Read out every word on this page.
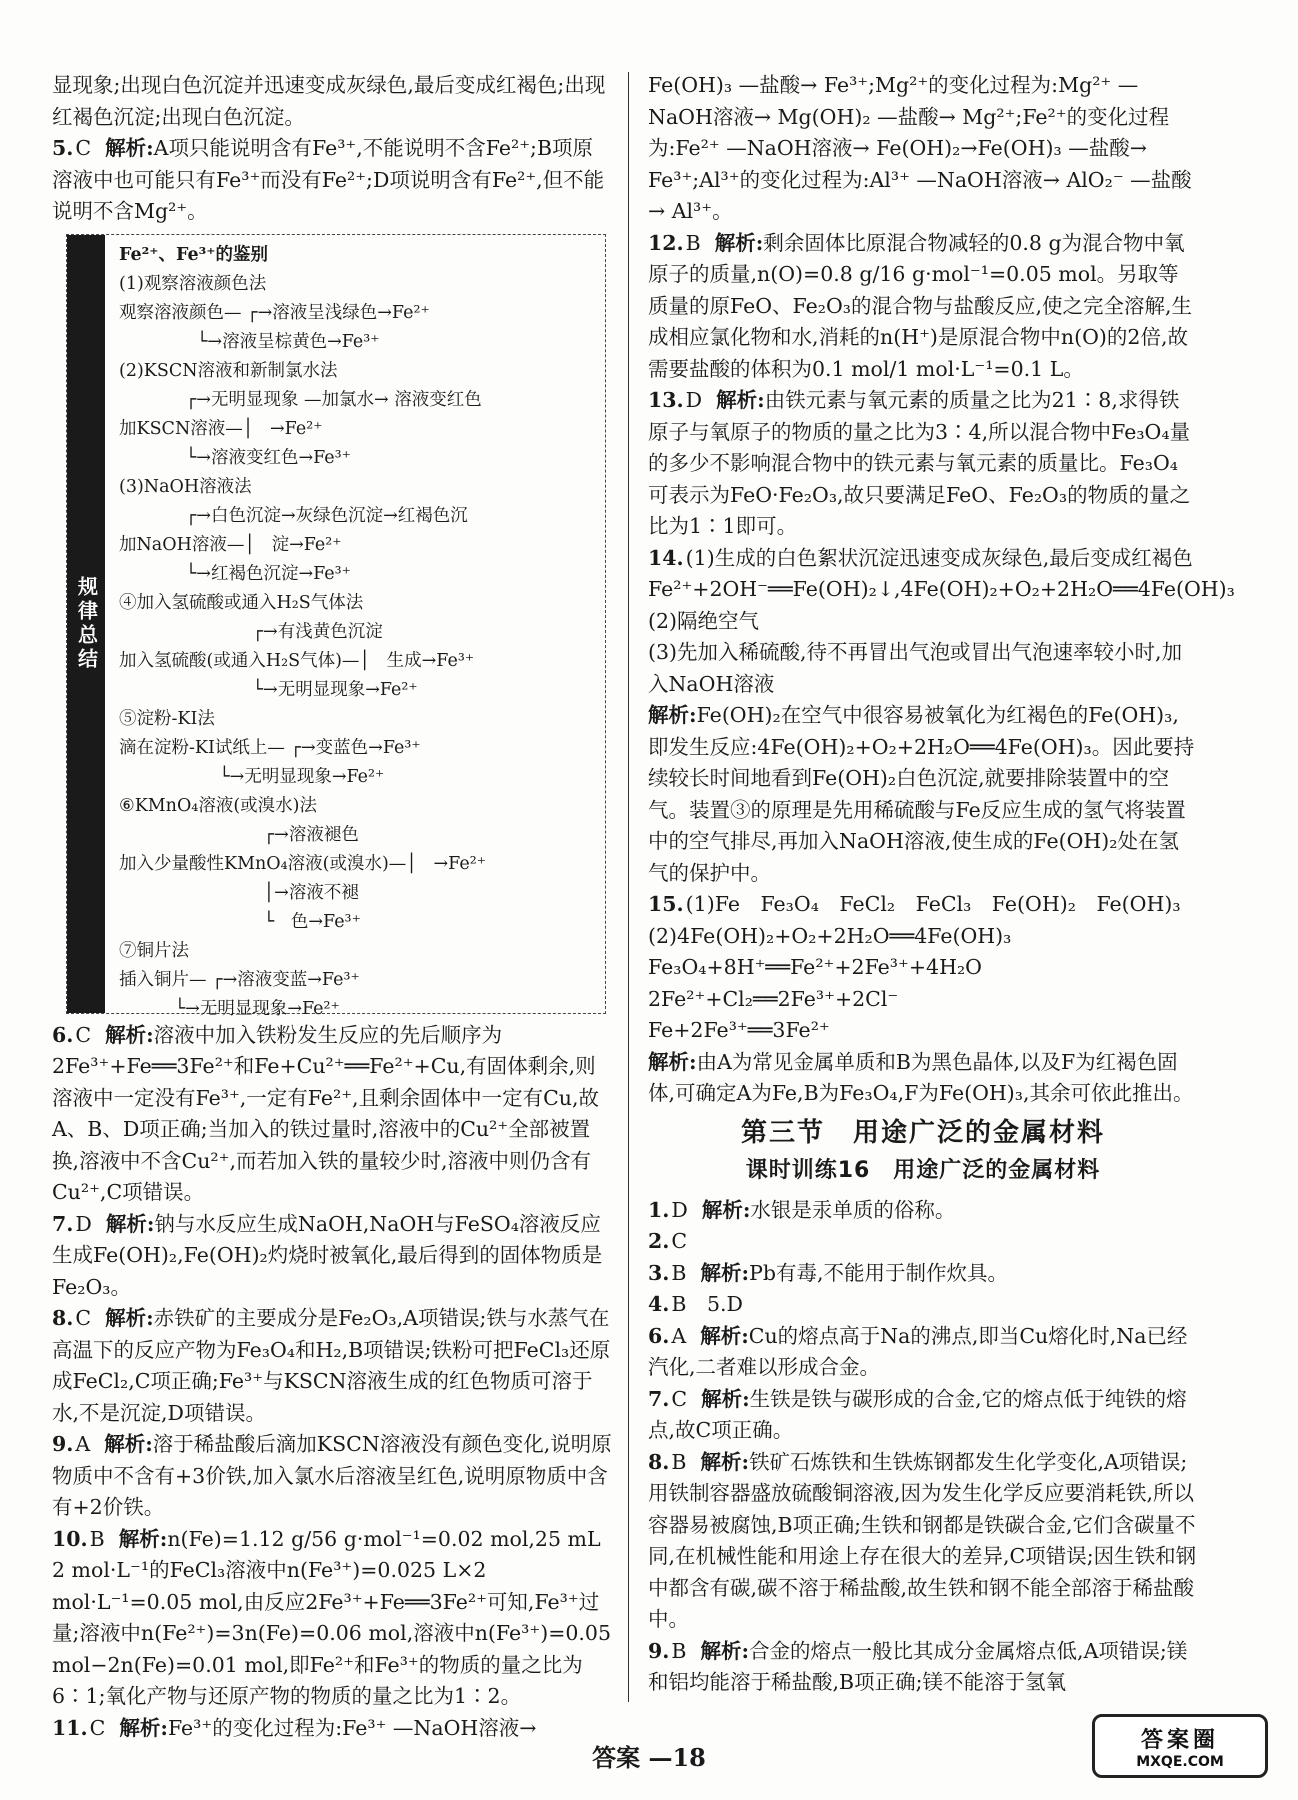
显现象;出现白色沉淀并迅速变成灰绿色,最后变成红褐色;出现红褐色沉淀;出现白色沉淀。

5.C 解析:A项只能说明含有Fe³⁺,不能说明不含Fe²⁺;B项原溶液中也可能只有Fe³⁺而没有Fe²⁺;D项说明含有Fe²⁺,但不能说明不含Mg²⁺。

规律总结
Fe²⁺、Fe³⁺的鉴别
(1)观察溶液颜色法
观察溶液颜色— ┌→溶液呈浅绿色→Fe²⁺
└→溶液呈棕黄色→Fe³⁺
(2)KSCN溶液和新制氯水法
┌→无明显现象 —加氯水→ 溶液变红色
加KSCN溶液—│   →Fe²⁺
└→溶液变红色→Fe³⁺
(3)NaOH溶液法
┌→白色沉淀→灰绿色沉淀→红褐色沉
加NaOH溶液—│   淀→Fe²⁺
└→红褐色沉淀→Fe³⁺
④加入氢硫酸或通入H₂S气体法
┌→有浅黄色沉淀
加入氢硫酸(或通入H₂S气体)—│   生成→Fe³⁺
└→无明显现象→Fe²⁺
⑤淀粉-KI法
滴在淀粉-KI试纸上— ┌→变蓝色→Fe³⁺
└→无明显现象→Fe²⁺
⑥KMnO₄溶液(或溴水)法
┌→溶液褪色
加入少量酸性KMnO₄溶液(或溴水)—│   →Fe²⁺
│→溶液不褪
└   色→Fe³⁺
⑦铜片法
插入铜片— ┌→溶液变蓝→Fe³⁺
└→无明显现象→Fe²⁺

6.C 解析:溶液中加入铁粉发生反应的先后顺序为2Fe³⁺+Fe══3Fe²⁺和Fe+Cu²⁺══Fe²⁺+Cu,有固体剩余,则溶液中一定没有Fe³⁺,一定有Fe²⁺,且剩余固体中一定有Cu,故A、B、D项正确;当加入的铁过量时,溶液中的Cu²⁺全部被置换,溶液中不含Cu²⁺,而若加入铁的量较少时,溶液中则仍含有Cu²⁺,C项错误。

7.D 解析:钠与水反应生成NaOH,NaOH与FeSO₄溶液反应生成Fe(OH)₂,Fe(OH)₂灼烧时被氧化,最后得到的固体物质是Fe₂O₃。

8.C 解析:赤铁矿的主要成分是Fe₂O₃,A项错误;铁与水蒸气在高温下的反应产物为Fe₃O₄和H₂,B项错误;铁粉可把FeCl₃还原成FeCl₂,C项正确;Fe³⁺与KSCN溶液生成的红色物质可溶于水,不是沉淀,D项错误。

9.A 解析:溶于稀盐酸后滴加KSCN溶液没有颜色变化,说明原物质中不含有+3价铁,加入氯水后溶液呈红色,说明原物质中含有+2价铁。

10.B 解析:n(Fe)=1.12 g/56 g·mol⁻¹=0.02 mol,25 mL 2 mol·L⁻¹的FeCl₃溶液中n(Fe³⁺)=0.025 L×2 mol·L⁻¹=0.05 mol,由反应2Fe³⁺+Fe══3Fe²⁺可知,Fe³⁺过量;溶液中n(Fe²⁺)=3n(Fe)=0.06 mol,溶液中n(Fe³⁺)=0.05 mol−2n(Fe)=0.01 mol,即Fe²⁺和Fe³⁺的物质的量之比为6∶1;氧化产物与还原产物的物质的量之比为1∶2。

11.C 解析:Fe³⁺的变化过程为:Fe³⁺ —NaOH溶液→

Fe(OH)₃ —盐酸→ Fe³⁺;Mg²⁺的变化过程为:Mg²⁺ —NaOH溶液→ Mg(OH)₂ —盐酸→ Mg²⁺;Fe²⁺的变化过程为:Fe²⁺ —NaOH溶液→ Fe(OH)₂→Fe(OH)₃ —盐酸→ Fe³⁺;Al³⁺的变化过程为:Al³⁺ —NaOH溶液→ AlO₂⁻ —盐酸→ Al³⁺。

12.B 解析:剩余固体比原混合物减轻的0.8 g为混合物中氧原子的质量,n(O)=0.8 g/16 g·mol⁻¹=0.05 mol。另取等质量的原FeO、Fe₂O₃的混合物与盐酸反应,使之完全溶解,生成相应氯化物和水,消耗的n(H⁺)是原混合物中n(O)的2倍,故需要盐酸的体积为0.1 mol/1 mol·L⁻¹=0.1 L。

13.D 解析:由铁元素与氧元素的质量之比为21∶8,求得铁原子与氧原子的物质的量之比为3∶4,所以混合物中Fe₃O₄量的多少不影响混合物中的铁元素与氧元素的质量比。Fe₃O₄可表示为FeO·Fe₂O₃,故只要满足FeO、Fe₂O₃的物质的量之比为1∶1即可。

14.(1)生成的白色絮状沉淀迅速变成灰绿色,最后变成红褐色　Fe²⁺+2OH⁻══Fe(OH)₂↓,4Fe(OH)₂+O₂+2H₂O══4Fe(OH)₃

(2)隔绝空气

(3)先加入稀硫酸,待不再冒出气泡或冒出气泡速率较小时,加入NaOH溶液

解析:Fe(OH)₂在空气中很容易被氧化为红褐色的Fe(OH)₃,即发生反应:4Fe(OH)₂+O₂+2H₂O══4Fe(OH)₃。因此要持续较长时间地看到Fe(OH)₂白色沉淀,就要排除装置中的空气。装置③的原理是先用稀硫酸与Fe反应生成的氢气将装置中的空气排尽,再加入NaOH溶液,使生成的Fe(OH)₂处在氢气的保护中。

15.(1)Fe　Fe₃O₄　FeCl₂　FeCl₃　Fe(OH)₂　Fe(OH)₃

(2)4Fe(OH)₂+O₂+2H₂O══4Fe(OH)₃

Fe₃O₄+8H⁺══Fe²⁺+2Fe³⁺+4H₂O

2Fe²⁺+Cl₂══2Fe³⁺+2Cl⁻

Fe+2Fe³⁺══3Fe²⁺

解析:由A为常见金属单质和B为黑色晶体,以及F为红褐色固体,可确定A为Fe,B为Fe₃O₄,F为Fe(OH)₃,其余可依此推出。

第三节　用途广泛的金属材料
课时训练16　用途广泛的金属材料

1.D 解析:水银是汞单质的俗称。

2.C

3.B 解析:Pb有毒,不能用于制作炊具。

4.B　5.D

6.A 解析:Cu的熔点高于Na的沸点,即当Cu熔化时,Na已经汽化,二者难以形成合金。

7.C 解析:生铁是铁与碳形成的合金,它的熔点低于纯铁的熔点,故C项正确。

8.B 解析:铁矿石炼铁和生铁炼钢都发生化学变化,A项错误;用铁制容器盛放硫酸铜溶液,因为发生化学反应要消耗铁,所以容器易被腐蚀,B项正确;生铁和钢都是铁碳合金,它们含碳量不同,在机械性能和用途上存在很大的差异,C项错误;因生铁和钢中都含有碳,碳不溶于稀盐酸,故生铁和钢不能全部溶于稀盐酸中。

9.B 解析:合金的熔点一般比其成分金属熔点低,A项错误;镁和铝均能溶于稀盐酸,B项正确;镁不能溶于氢氧

答案 —18
答案圈
MXQE.COM
